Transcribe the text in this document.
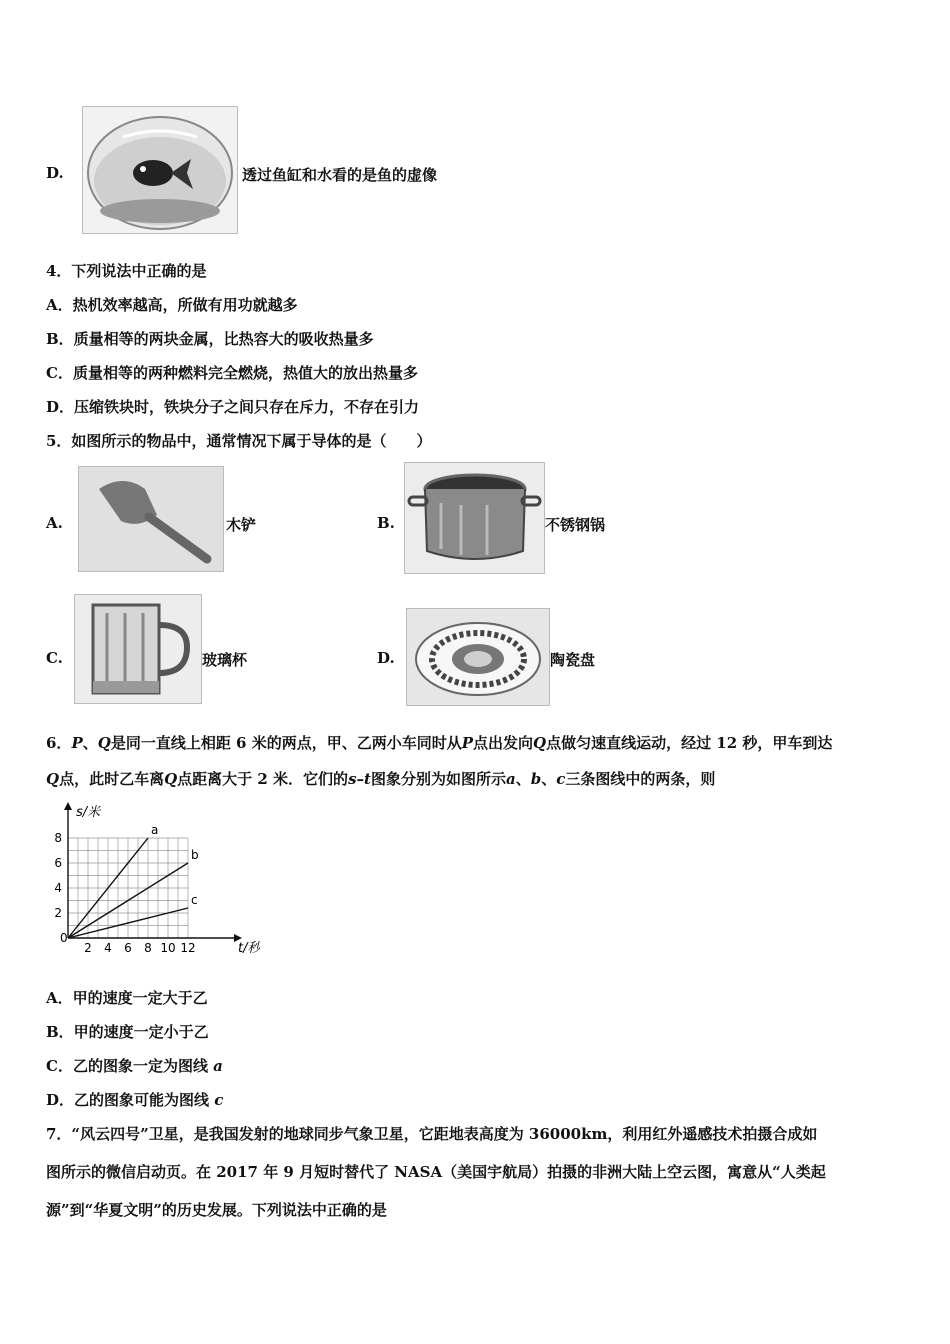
D.	透过鱼缸和水看的是鱼的虚像
4．下列说法中正确的是
A．热机效率越高，所做有用功就越多
B．质量相等的两块金属，比热容大的吸收热量多
C．质量相等的两种燃料完全燃烧，热值大的放出热量多
D．压缩铁块时，铁块分子之间只存在斥力，不存在引力
5．如图所示的物品中，通常情况下属于导体的是（　　）
A.	木铲	B.	不锈钢锅
C.	玻璃杯	D.	陶瓷盘
6．P、Q是同一直线上相距 6 米的两点，甲、乙两小车同时从P点出发向Q点做匀速直线运动，经过 12 秒，甲车到达
Q点，此时乙车离Q点距离大于 2 米．它们的s–t图象分别为如图所示a、b、c三条图线中的两条，则
s/米
t/秒
0
2 4 6 8 10 12
2
4
6
8
a
b
c
A．甲的速度一定大于乙
B．甲的速度一定小于乙
C．乙的图象一定为图线 a
D．乙的图象可能为图线 c
7．“风云四号”卫星，是我国发射的地球同步气象卫星，它距地表高度为 36000km，利用红外遥感技术拍摄合成如
图所示的微信启动页。在 2017 年 9 月短时替代了 NASA（美国宇航局）拍摄的非洲大陆上空云图，寓意从“人类起
源”到“华夏文明”的历史发展。下列说法中正确的是
